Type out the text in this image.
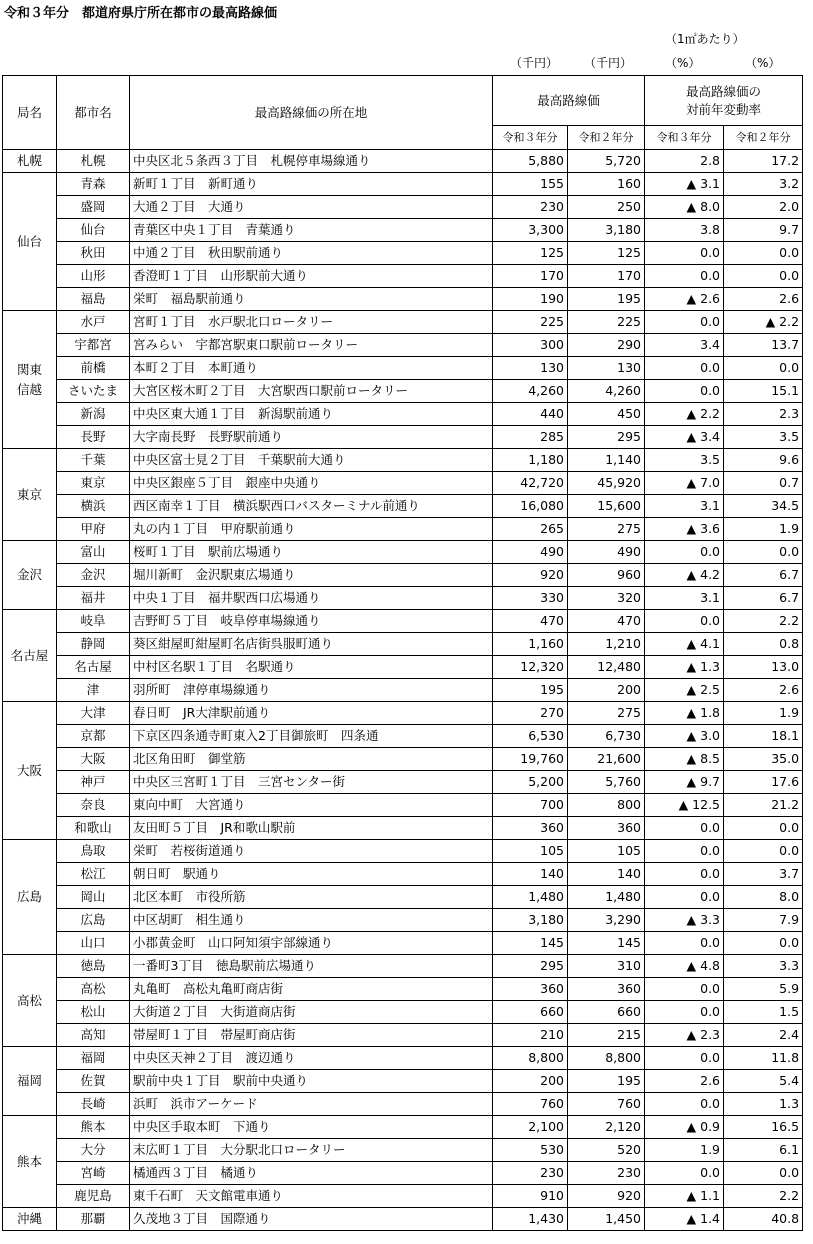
令和３年分　都道府県庁所在都市の最高路線価
（1㎡あたり）
（千円） （千円）	（%）	（%）
局名	都市名	最高路線価の所在地	最高路線価		最高路線価の
対前年変動率	

			令和３年分	令和２年分	令和３年分	令和２年分
札幌	札幌	中央区北５条西３丁目　札幌停車場線通り	5,880	5,720	2.8	17.2
仙台	青森	新町１丁目　新町通り	155	160	▲ 3.1	3.2
	盛岡	大通２丁目　大通り	230	250	▲ 8.0	2.0
	仙台	青葉区中央１丁目　青葉通り	3,300	3,180	3.8	9.7
	秋田	中通２丁目　秋田駅前通り	125	125	0.0	0.0
	山形	香澄町１丁目　山形駅前大通り	170	170	0.0	0.0
	福島	栄町　福島駅前通り	190	195	▲ 2.6	2.6
関東信越	水戸	宮町１丁目　水戸駅北口ロータリー	225	225	0.0	▲ 2.2
	宇都宮	宮みらい　宇都宮駅東口駅前ロータリー	300	290	3.4	13.7
	前橋	本町２丁目　本町通り	130	130	0.0	0.0
	さいたま	大宮区桜木町２丁目　大宮駅西口駅前ロータリー	4,260	4,260	0.0	15.1
	新潟	中央区東大通１丁目　新潟駅前通り	440	450	▲ 2.2	2.3
	長野	大字南長野　長野駅前通り	285	295	▲ 3.4	3.5
東京	千葉	中央区富士見２丁目　千葉駅前大通り	1,180	1,140	3.5	9.6
	東京	中央区銀座５丁目　銀座中央通り	42,720	45,920	▲ 7.0	0.7
	横浜	西区南幸１丁目　横浜駅西口バスターミナル前通り	16,080	15,600	3.1	34.5
	甲府	丸の内１丁目　甲府駅前通り	265	275	▲ 3.6	1.9
金沢	富山	桜町１丁目　駅前広場通り	490	490	0.0	0.0
	金沢	堀川新町　金沢駅東広場通り	920	960	▲ 4.2	6.7
	福井	中央１丁目　福井駅西口広場通り	330	320	3.1	6.7
名古屋	岐阜	吉野町５丁目　岐阜停車場線通り	470	470	0.0	2.2
	静岡	葵区紺屋町紺屋町名店街呉服町通り	1,160	1,210	▲ 4.1	0.8
	名古屋	中村区名駅１丁目　名駅通り	12,320	12,480	▲ 1.3	13.0
	津	羽所町　津停車場線通り	195	200	▲ 2.5	2.6
大阪	大津	春日町　JR大津駅前通り	270	275	▲ 1.8	1.9
	京都	下京区四条通寺町東入2丁目御旅町　四条通	6,530	6,730	▲ 3.0	18.1
	大阪	北区角田町　御堂筋	19,760	21,600	▲ 8.5	35.0
	神戸	中央区三宮町１丁目　三宮センター街	5,200	5,760	▲ 9.7	17.6
	奈良	東向中町　大宮通り	700	800	▲ 12.5	21.2
	和歌山	友田町５丁目　JR和歌山駅前	360	360	0.0	0.0
広島	鳥取	栄町　若桜街道通り	105	105	0.0	0.0
	松江	朝日町　駅通り	140	140	0.0	3.7
	岡山	北区本町　市役所筋	1,480	1,480	0.0	8.0
	広島	中区胡町　相生通り	3,180	3,290	▲ 3.3	7.9
	山口	小郡黄金町　山口阿知須宇部線通り	145	145	0.0	0.0
高松	徳島	一番町3丁目　徳島駅前広場通り	295	310	▲ 4.8	3.3
	高松	丸亀町　高松丸亀町商店街	360	360	0.0	5.9
	松山	大街道２丁目　大街道商店街	660	660	0.0	1.5
	高知	帯屋町１丁目　帯屋町商店街	210	215	▲ 2.3	2.4
福岡	福岡	中央区天神２丁目　渡辺通り	8,800	8,800	0.0	11.8
	佐賀	駅前中央１丁目　駅前中央通り	200	195	2.6	5.4
	長崎	浜町　浜市アーケード	760	760	0.0	1.3
熊本	熊本	中央区手取本町　下通り	2,100	2,120	▲ 0.9	16.5
	大分	末広町１丁目　大分駅北口ロータリー	530	520	1.9	6.1
	宮崎	橘通西３丁目　橘通り	230	230	0.0	0.0
	鹿児島	東千石町　天文館電車通り	910	920	▲ 1.1	2.2
沖縄	那覇	久茂地３丁目　国際通り	1,430	1,450	▲ 1.4	40.8
